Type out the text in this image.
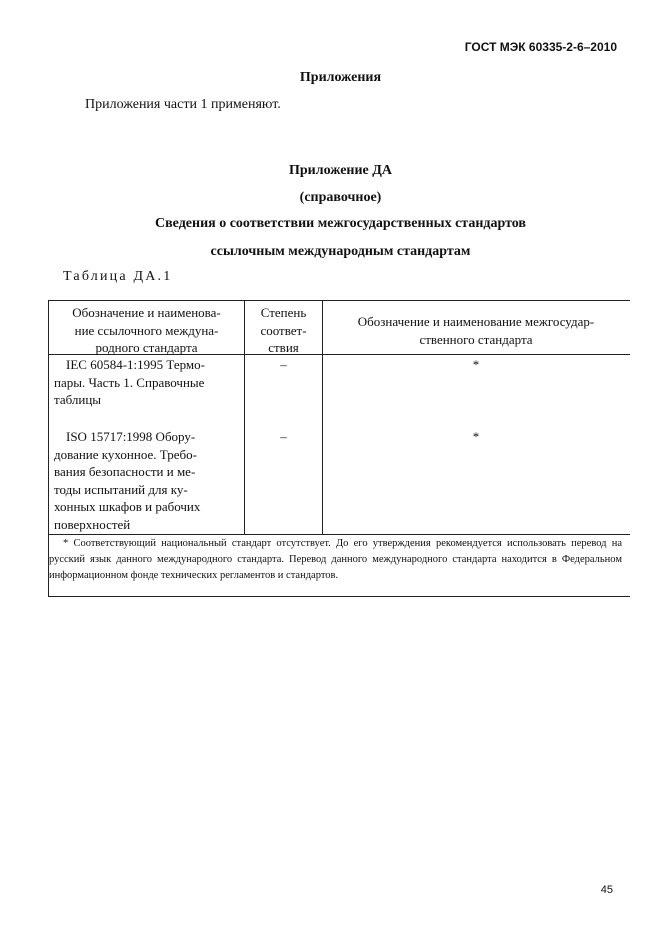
ГОСТ МЭК 60335-2-6–2010
Приложения
Приложения части 1 применяют.
Приложение ДА
(справочное)
Сведения о соответствии межгосударственных стандартов
ссылочным международным стандартам
Таблица ДА.1
Обозначение и наименова-
ние ссылочного междуна-
родного стандарта
Степень
соответ-
ствия
Обозначение и наименование межгосудар-
ственного стандарта
IEC 60584-1:1995 Термо-
пары. Часть 1. Справочные
таблицы
–	*
ISO 15717:1998 Обору-
дование кухонное. Требо-
вания безопасности и ме-
тоды испытаний для ку-
хонных шкафов и рабочих
поверхностей
–	*
* Соответствующий национальный стандарт отсутствует. До его утверждения рекомендуется использовать перевод на русский язык данного международного стандарта. Перевод данного международного стандарта находится в Федеральном информационном фонде технических регламентов и стандартов.
45
